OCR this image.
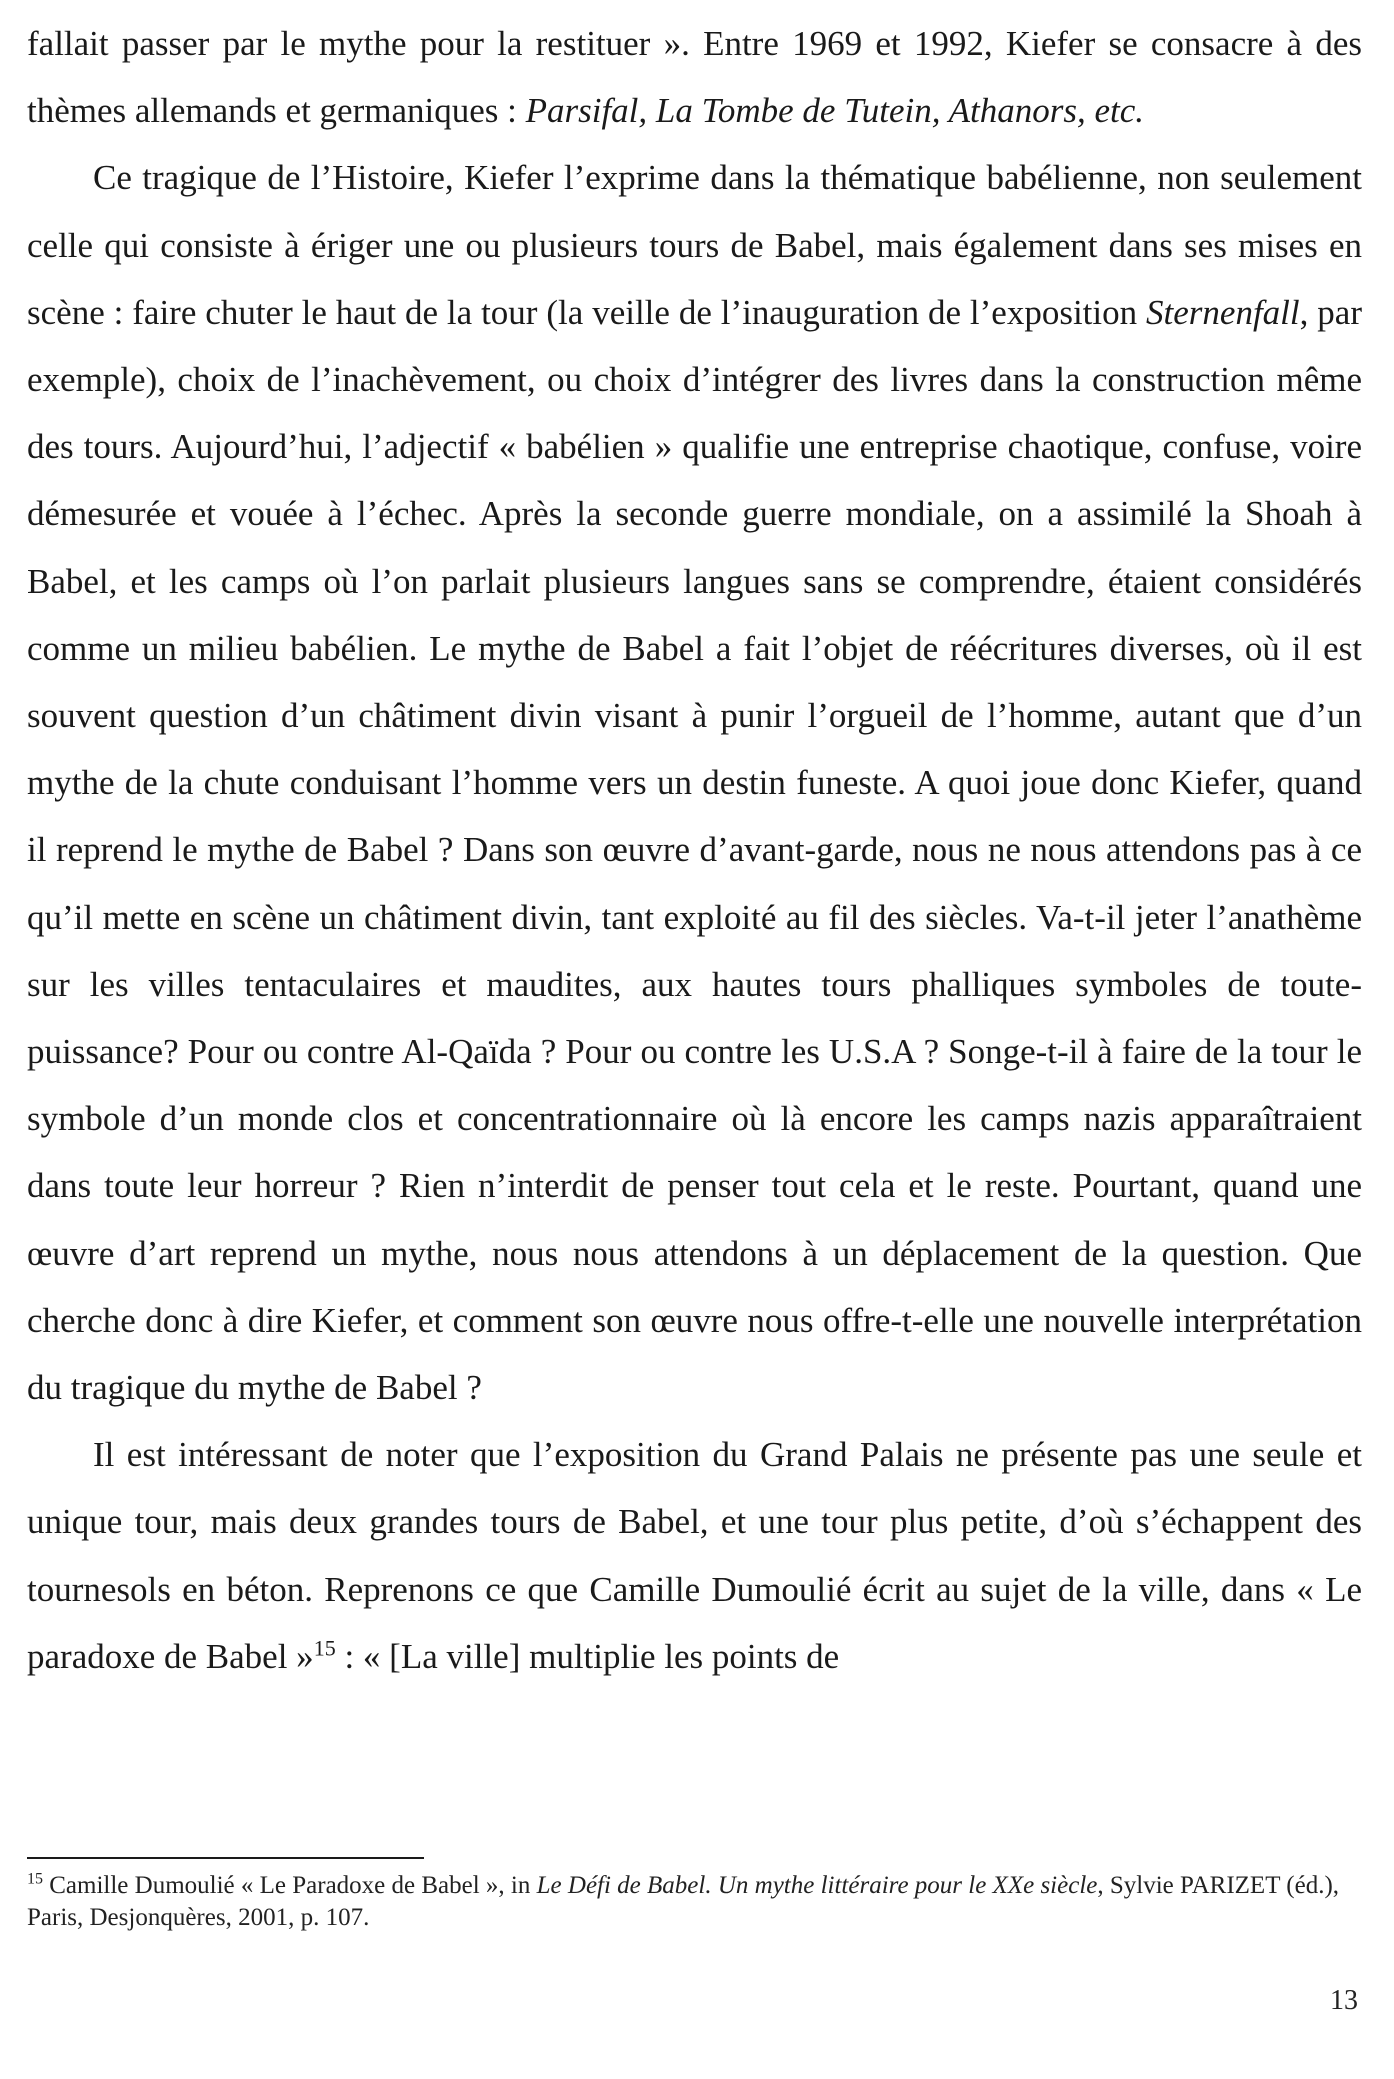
fallait passer par le mythe pour la restituer ». Entre 1969 et 1992, Kiefer se consacre à des thèmes allemands et germaniques : Parsifal, La Tombe de Tutein, Athanors, etc.

Ce tragique de l’Histoire, Kiefer l’exprime dans la thématique babélienne, non seulement celle qui consiste à ériger une ou plusieurs tours de Babel, mais également dans ses mises en scène : faire chuter le haut de la tour (la veille de l’inauguration de l’exposition Sternenfall, par exemple), choix de l’inachèvement, ou choix d’intégrer des livres dans la construction même des tours. Aujourd’hui, l’adjectif « babélien » qualifie une entreprise chaotique, confuse, voire démesurée et vouée à l’échec. Après la seconde guerre mondiale, on a assimilé la Shoah à Babel, et les camps où l’on parlait plusieurs langues sans se comprendre, étaient considérés comme un milieu babélien. Le mythe de Babel a fait l’objet de réécritures diverses, où il est souvent question d’un châtiment divin visant à punir l’orgueil de l’homme, autant que d’un mythe de la chute conduisant l’homme vers un destin funeste. A quoi joue donc Kiefer, quand il reprend le mythe de Babel ? Dans son œuvre d’avant-garde, nous ne nous attendons pas à ce qu’il mette en scène un châtiment divin, tant exploité au fil des siècles. Va-t-il jeter l’anathème sur les villes tentaculaires et maudites, aux hautes tours phalliques symboles de toute-puissance? Pour ou contre Al-Qaïda ? Pour ou contre les U.S.A ? Songe-t-il à faire de la tour le symbole d’un monde clos et concentrationnaire où là encore les camps nazis apparaîtraient dans toute leur horreur ? Rien n’interdit de penser tout cela et le reste. Pourtant, quand une œuvre d’art reprend un mythe, nous nous attendons à un déplacement de la question. Que cherche donc à dire Kiefer, et comment son œuvre nous offre-t-elle une nouvelle interprétation du tragique du mythe de Babel ?

Il est intéressant de noter que l’exposition du Grand Palais ne présente pas une seule et unique tour, mais deux grandes tours de Babel, et une tour plus petite, d’où s’échappent des tournesols en béton. Reprenons ce que Camille Dumoulié écrit au sujet de la ville, dans « Le paradoxe de Babel »$^{15}$ : « [La ville] multiplie les points de

$^{15}$ Camille Dumoulié « Le Paradoxe de Babel », in Le Défi de Babel. Un mythe littéraire pour le XXe siècle, Sylvie PARIZET (éd.), Paris, Desjonquères, 2001, p. 107.
13
